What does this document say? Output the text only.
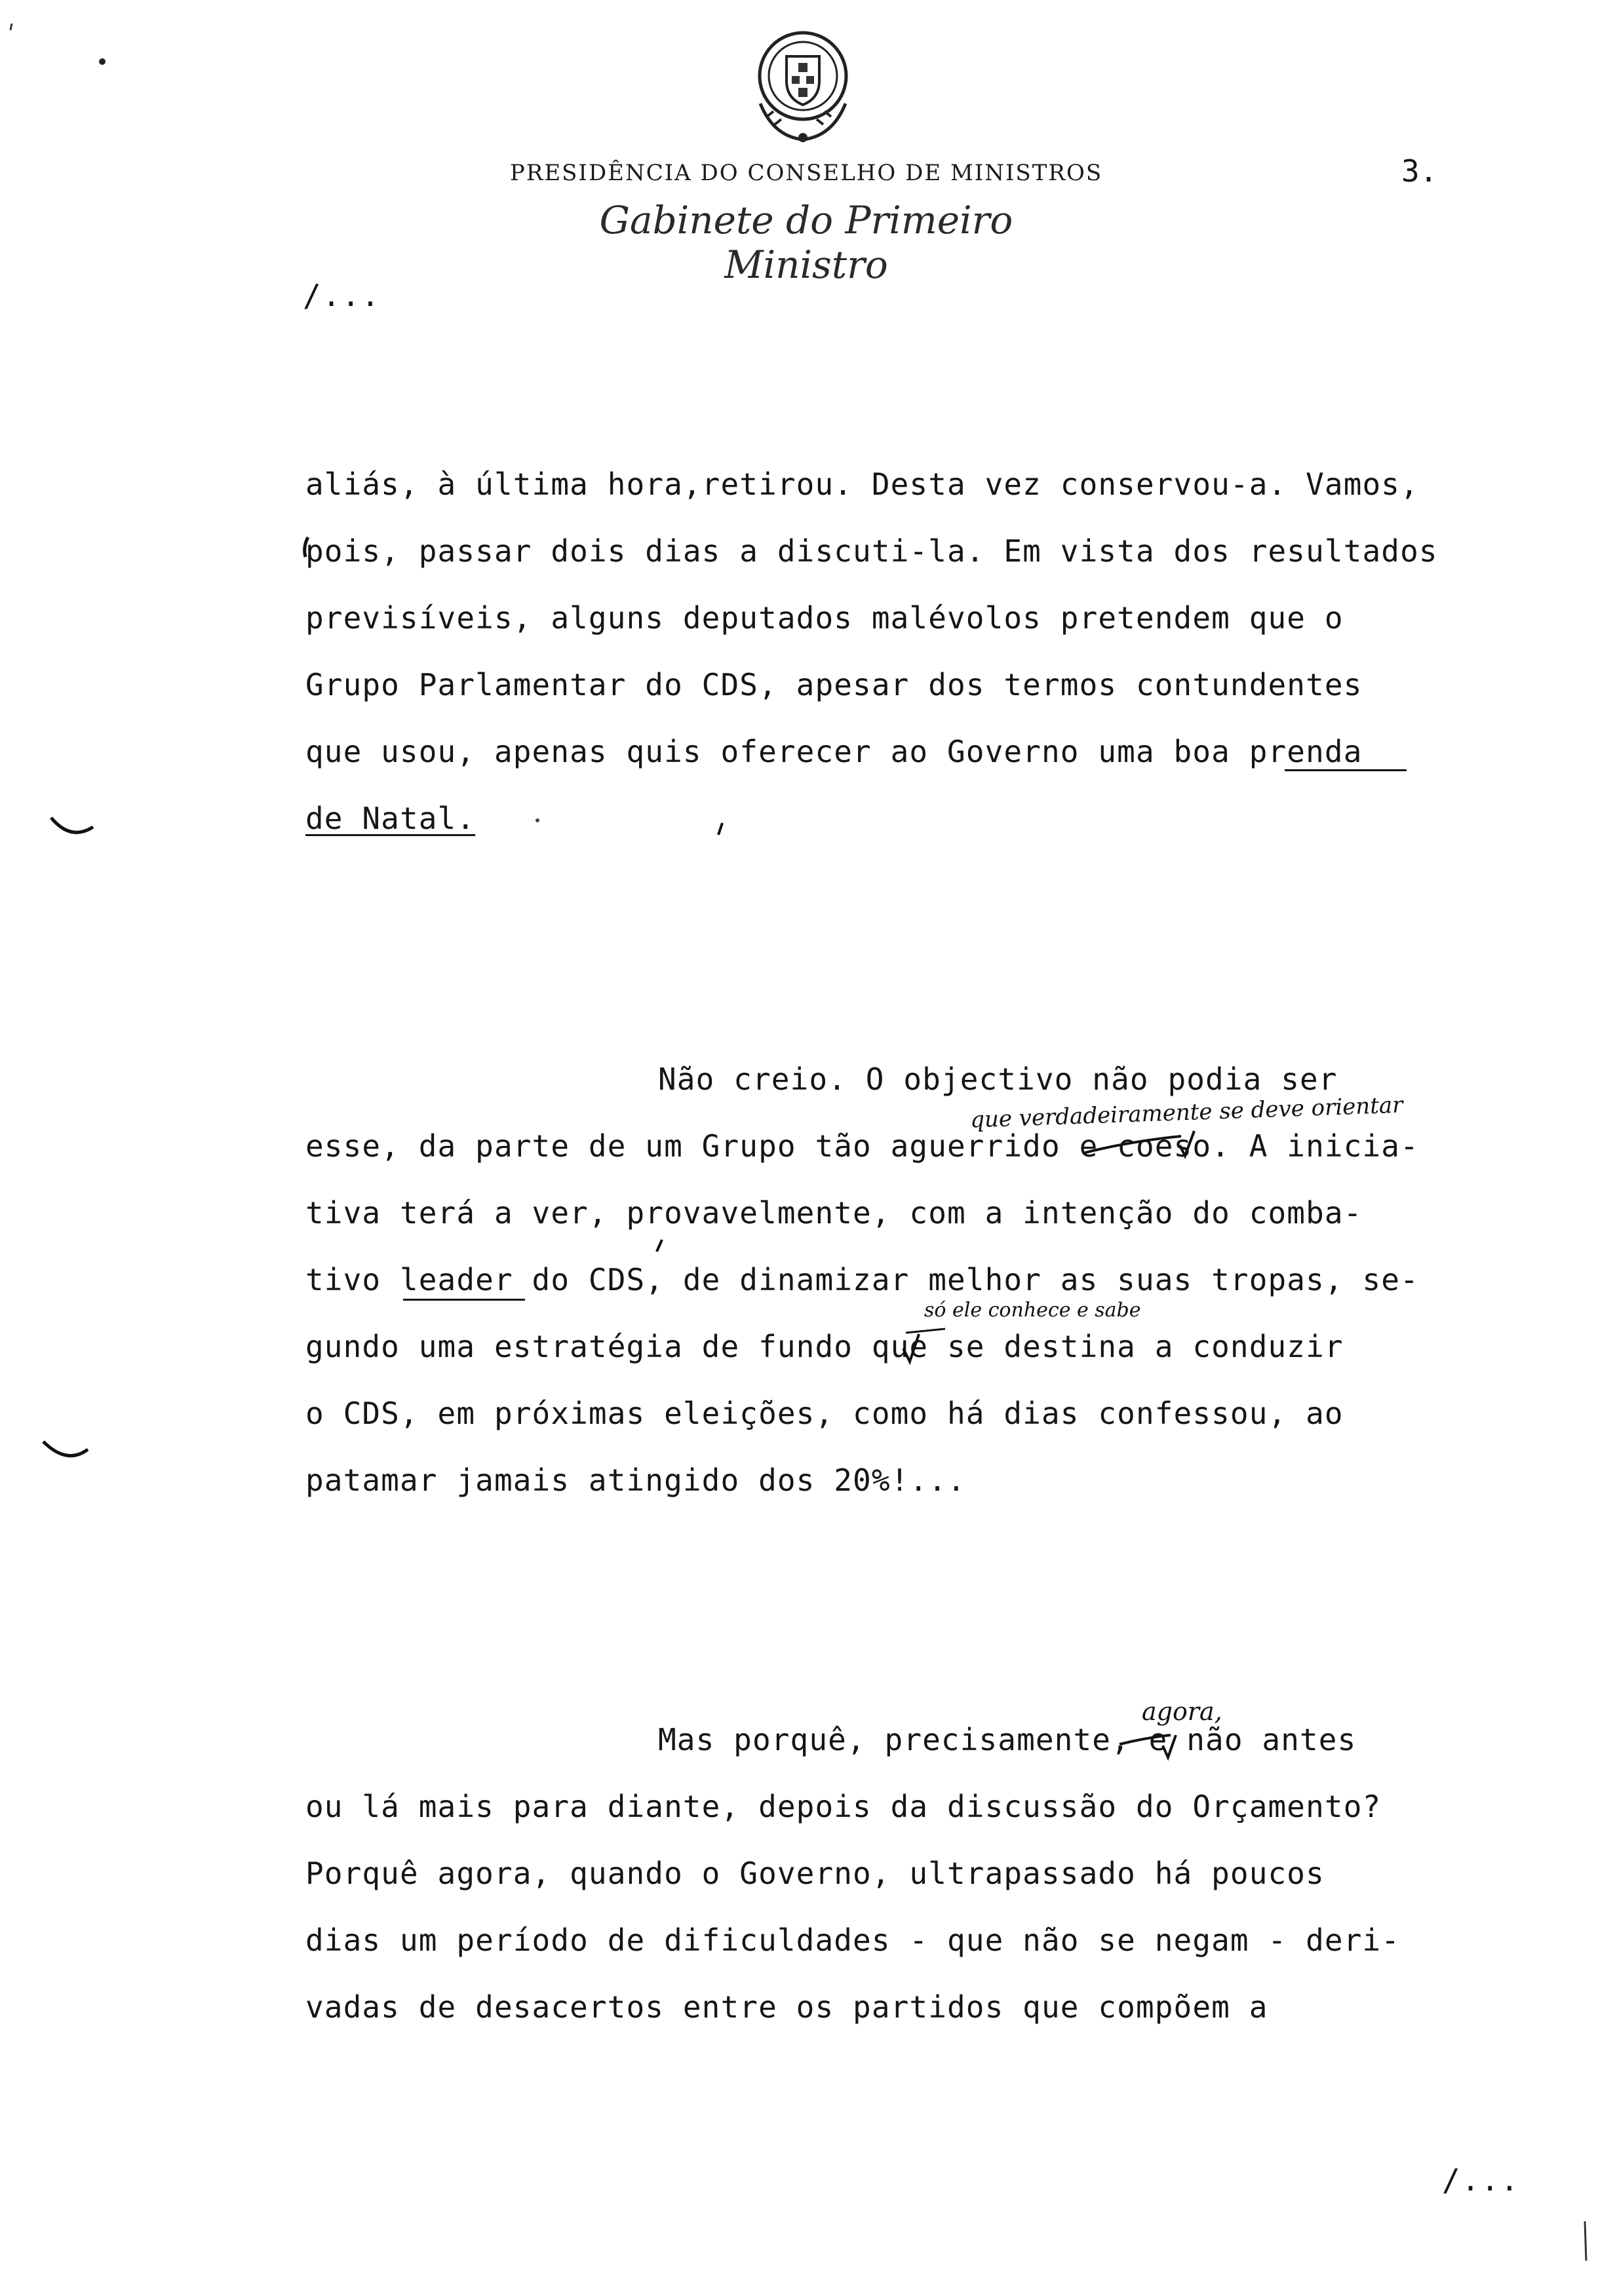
PRESIDÊNCIA DO CONSELHO DE MINISTROS
Gabinete do Primeiro Ministro
3.
/...
aliás, à última hora,retirou. Desta vez conservou-a. Vamos,
pois, passar dois dias a discuti-la. Em vista dos resultados
previsíveis, alguns deputados malévolos pretendem que o
Grupo Parlamentar do CDS, apesar dos termos contundentes
que usou, apenas quis oferecer ao Governo uma boa prenda
de Natal.
Não creio. O objectivo não podia ser
esse, da parte de um Grupo tão aguerrido e coeso. A inicia-
tiva terá a ver, provavelmente, com a intenção do comba-
tivo leader do CDS, de dinamizar melhor as suas tropas, se-
gundo uma estratégia de fundo que se destina a conduzir
o CDS, em próximas eleições, como há dias confessou, ao
patamar jamais atingido dos 20%!...
Mas porquê, precisamente, e não antes
ou lá mais para diante, depois da discussão do Orçamento?
Porquê agora, quando o Governo, ultrapassado há poucos
dias um período de dificuldades - que não se negam - deri-
vadas de desacertos entre os partidos que compõem a
que verdadeiramente se deve orientar
só ele conhece e sabe
agora,
/...
